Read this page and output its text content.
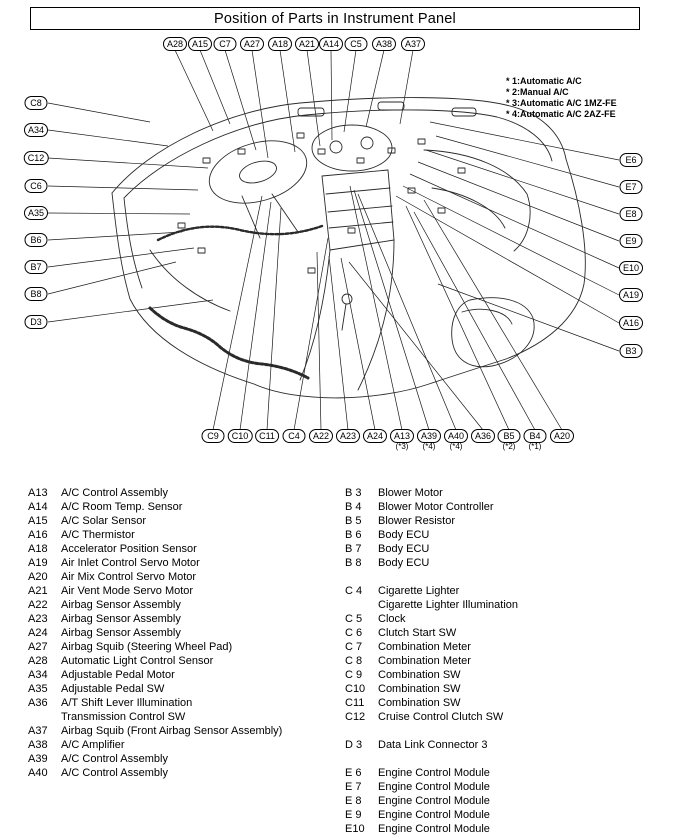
Position of Parts in Instrument Panel
* 1:Automatic A/C
* 2:Manual A/C
* 3:Automatic A/C 1MZ-FE
* 4:Automatic A/C 2AZ-FE
A28 A15	C7	A27	A18	A21 A14	C5	A38	A37
C8
A34
C12
C6
A35
B6
B7
B8
D3
E6
E7
E8
E9
E10
A19
A16
B3
C9	C10	C11	C4	A22	A23	A24	A13
(*3)
A39
(*4)
A40
(*4)
A36	B5
(*2)
B4
(*1)
A20
A13	A/C Control Assembly
A14	A/C Room Temp. Sensor
A15	A/C Solar Sensor
A16	A/C Thermistor
A18	Accelerator Position Sensor
A19	Air Inlet Control Servo Motor
A20	Air Mix Control Servo Motor
A21	Air Vent Mode Servo Motor
A22	Airbag Sensor Assembly
A23	Airbag Sensor Assembly
A24	Airbag Sensor Assembly
A27	Airbag Squib (Steering Wheel Pad)
A28	Automatic Light Control Sensor
A34	Adjustable Pedal Motor
A35	Adjustable Pedal SW
A36	A/T Shift Lever Illumination
Transmission Control SW
A37	Airbag Squib (Front Airbag Sensor Assembly)
A38	A/C Amplifier
A39	A/C Control Assembly
A40	A/C Control Assembly
B 3	Blower Motor
B 4	Blower Motor Controller
B 5	Blower Resistor
B 6	Body ECU
B 7	Body ECU
B 8	Body ECU
C 4	Cigarette Lighter
Cigarette Lighter Illumination
C 5	Clock
C 6	Clutch Start SW
C 7	Combination Meter
C 8	Combination Meter
C 9	Combination SW
C10	Combination SW
C11	Combination SW
C12	Cruise Control Clutch SW
D 3	Data Link Connector 3
E 6	Engine Control Module
E 7	Engine Control Module
E 8	Engine Control Module
E 9	Engine Control Module
E10	Engine Control Module
